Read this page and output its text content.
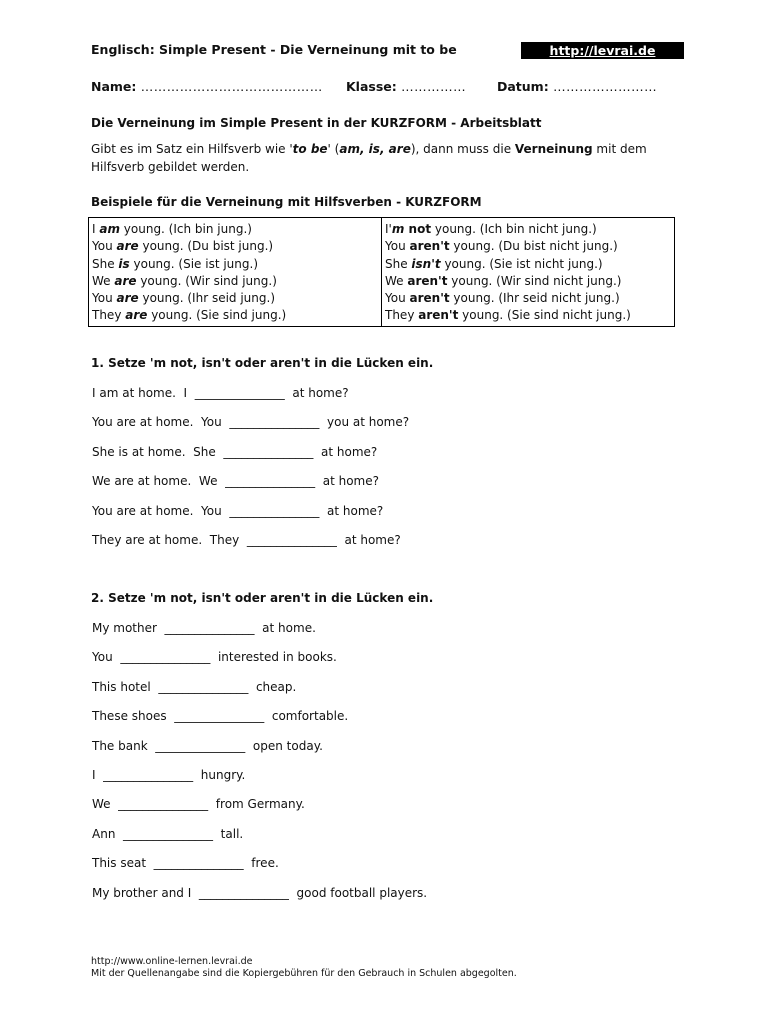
Englisch: Simple Present - Die Verneinung mit to be	http://levrai.de
Name: …………………………………… Klasse: …………… Datum: ……………………
Die Verneinung im Simple Present in der KURZFORM - Arbeitsblatt
Gibt es im Satz ein Hilfsverb wie 'to be' (am, is, are), dann muss die Verneinung mit dem Hilfsverb gebildet werden.
Beispiele für die Verneinung mit Hilfsverben - KURZFORM
I am young. (Ich bin jung.)
You are young. (Du bist jung.)
She is young. (Sie ist jung.)
We are young. (Wir sind jung.)
You are young. (Ihr seid jung.)
They are young. (Sie sind jung.)

I'm not young. (Ich bin nicht jung.)
You aren't young. (Du bist nicht jung.)
She isn't young. (Sie ist nicht jung.)
We aren't young. (Wir sind nicht jung.)
You aren't young. (Ihr seid nicht jung.)
They aren't young. (Sie sind nicht jung.)
1. Setze 'm not, isn't oder aren't in die Lücken ein.
I am at home.  I  _______________  at home?
You are at home.  You  _______________  you at home?
She is at home.  She  _______________  at home?
We are at home.  We  _______________  at home?
You are at home.  You  _______________  at home?
They are at home.  They  _______________  at home?
2. Setze 'm not, isn't oder aren't in die Lücken ein.
My mother  _______________  at home.
You  _______________  interested in books.
This hotel  _______________  cheap.
These shoes  _______________  comfortable.
The bank  _______________  open today.
I  _______________  hungry.
We  _______________  from Germany.
Ann  _______________  tall.
This seat  _______________  free.
My brother and I  _______________  good football players.
http://www.online-lernen.levrai.de
Mit der Quellenangabe sind die Kopiergebühren für den Gebrauch in Schulen abgegolten.
